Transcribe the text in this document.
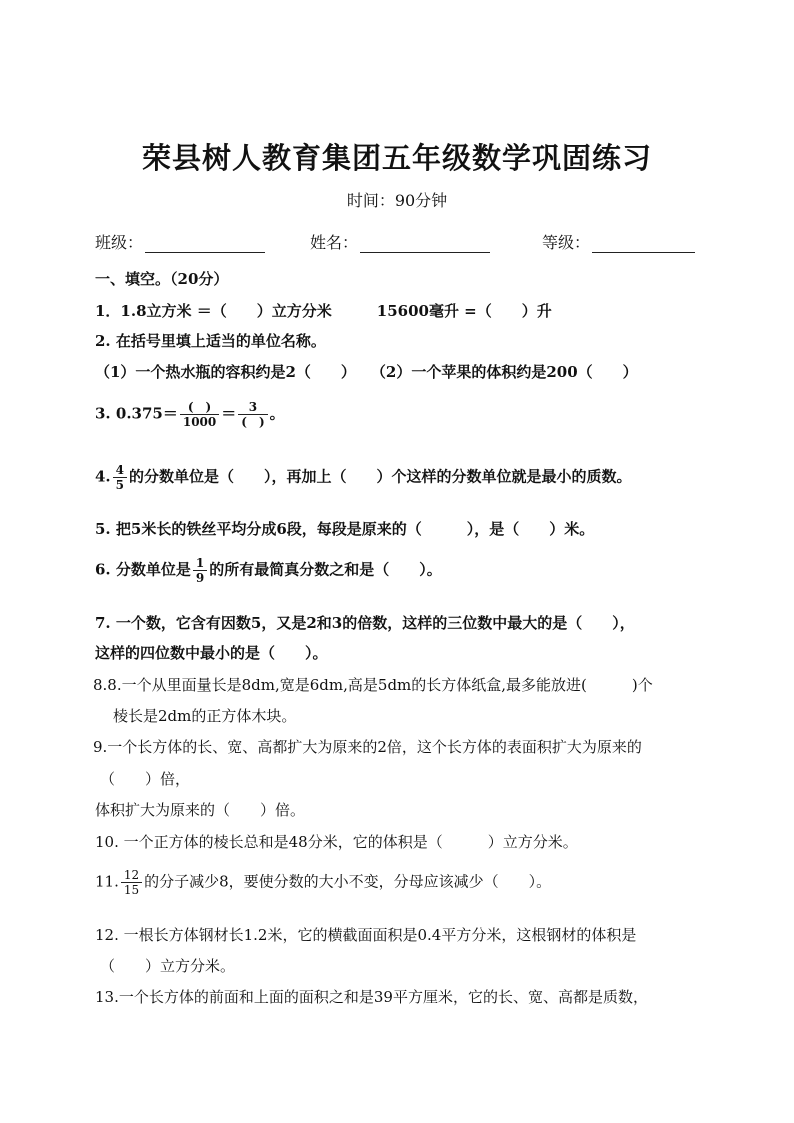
荣县树人教育集团五年级数学巩固练习
时间：90分钟
班级：	姓名：	等级：
一、填空。（20分）
1．1.8立方米 ＝（　　）立方分米　　　15600毫升 =（　　）升
2. 在括号里填上适当的单位名称。
（1）一个热水瓶的容积约是2（　　）　　（2）一个苹果的体积约是200（　　）
3. $0.375= \frac{( )}{1000} = \frac{3}{( )}$ 。
4. $\frac{4}{5}$ 的分数单位是（　　），再加上（　　）个这样的分数单位就是最小的质数。
5. 把5米长的铁丝平均分成6段，每段是原来的（　　　），是（　　）米。
6. 分数单位是 $\frac{1}{9}$ 的所有最简真分数之和是（　　）。
7. 一个数，它含有因数5，又是2和3的倍数，这样的三位数中最大的是（　　），
这样的四位数中最小的是（　　）。
8.8.一个从里面量长是8dm,宽是6dm,高是5dm的长方体纸盒,最多能放进(　　　)个
棱长是2dm的正方体木块。
9.一个长方体的长、宽、高都扩大为原来的2倍，这个长方体的表面积扩大为原来的
（　　）倍，
体积扩大为原来的（　　）倍。
10. 一个正方体的棱长总和是48分米，它的体积是（　　　）立方分米。
11. $\frac{12}{15}$ 的分子减少8，要使分数的大小不变，分母应该减少（　　）。
12. 一根长方体钢材长1.2米，它的横截面面积是0.4平方分米，这根钢材的体积是
（　　）立方分米。
13.一个长方体的前面和上面的面积之和是39平方厘米，它的长、宽、高都是质数，
